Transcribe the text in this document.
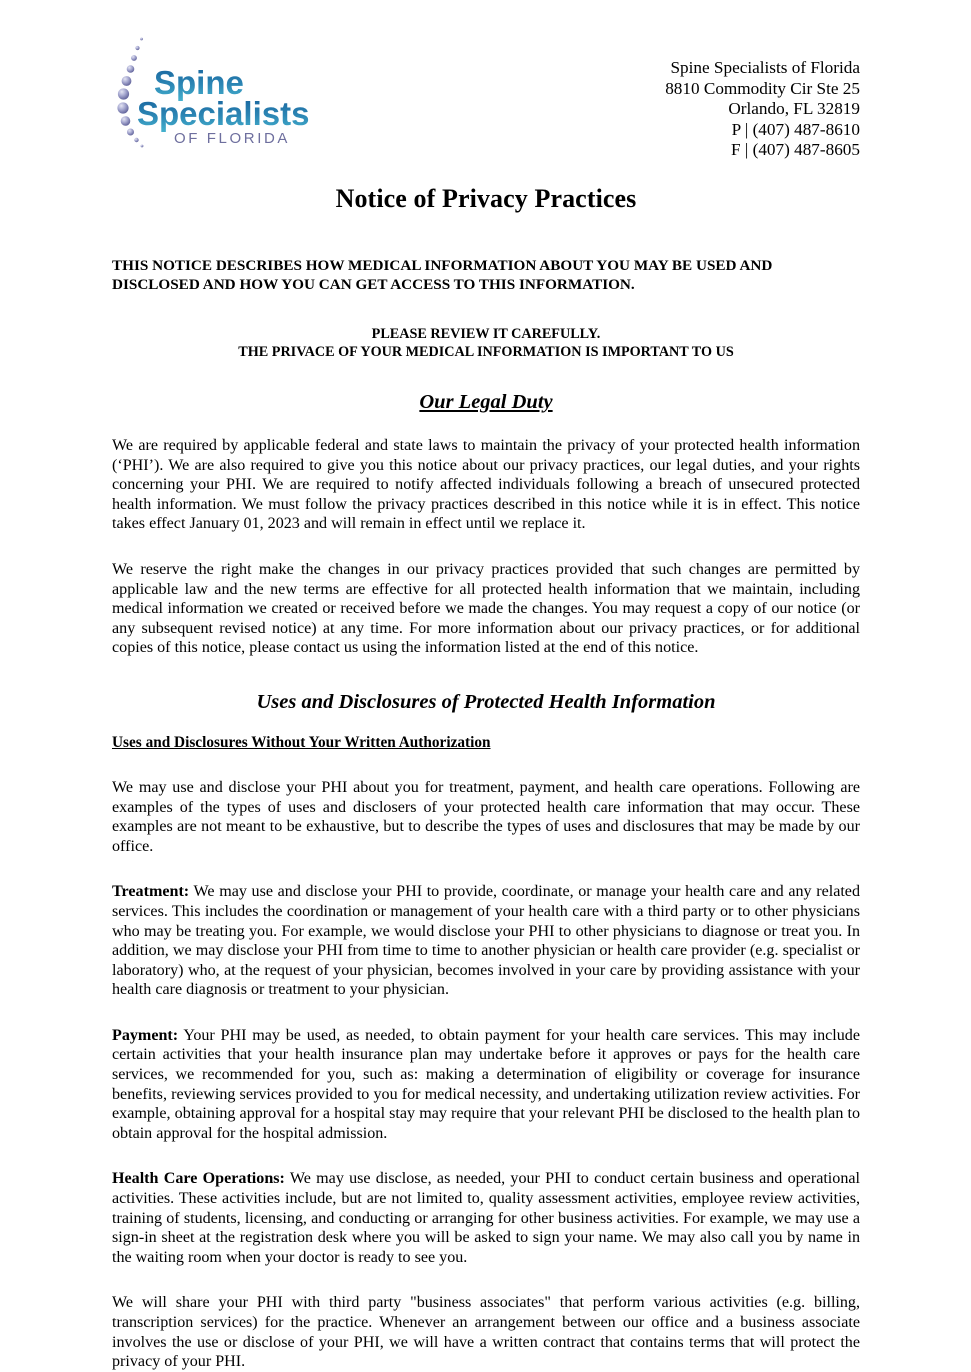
Spine
Specialists
OF FLORIDA
Spine Specialists of Florida
8810 Commodity Cir Ste 25
Orlando, FL 32819
P | (407) 487-8610
F | (407) 487-8605
Notice of Privacy Practices
THIS NOTICE DESCRIBES HOW MEDICAL INFORMATION ABOUT YOU MAY BE USED AND DISCLOSED AND HOW YOU CAN GET ACCESS TO THIS INFORMATION.
PLEASE REVIEW IT CAREFULLY.
THE PRIVACE OF YOUR MEDICAL INFORMATION IS IMPORTANT TO US
Our Legal Duty

We are required by applicable federal and state laws to maintain the privacy of your protected health information (‘PHI’). We are also required to give you this notice about our privacy practices, our legal duties, and your rights concerning your PHI. We are required to notify affected individuals following a breach of unsecured protected health information. We must follow the privacy practices described in this notice while it is in effect. This notice takes effect January 01, 2023 and will remain in effect until we replace it.

We reserve the right make the changes in our privacy practices provided that such changes are permitted by applicable law and the new terms are effective for all protected health information that we maintain, including medical information we created or received before we made the changes. You may request a copy of our notice (or any subsequent revised notice) at any time. For more information about our privacy practices, or for additional copies of this notice, please contact us using the information listed at the end of this notice.

Uses and Disclosures of Protected Health Information
Uses and Disclosures Without Your Written Authorization

We may use and disclose your PHI about you for treatment, payment, and health care operations. Following are examples of the types of uses and disclosers of your protected health care information that may occur. These examples are not meant to be exhaustive, but to describe the types of uses and disclosures that may be made by our office.

Treatment: We may use and disclose your PHI to provide, coordinate, or manage your health care and any related services. This includes the coordination or management of your health care with a third party or to other physicians who may be treating you. For example, we would disclose your PHI to other physicians to diagnose or treat you. In addition, we may disclose your PHI from time to time to another physician or health care provider (e.g. specialist or laboratory) who, at the request of your physician, becomes involved in your care by providing assistance with your health care diagnosis or treatment to your physician.

Payment: Your PHI may be used, as needed, to obtain payment for your health care services. This may include certain activities that your health insurance plan may undertake before it approves or pays for the health care services, we recommended for you, such as: making a determination of eligibility or coverage for insurance benefits, reviewing services provided to you for medical necessity, and undertaking utilization review activities. For example, obtaining approval for a hospital stay may require that your relevant PHI be disclosed to the health plan to obtain approval for the hospital admission.

Health Care Operations: We may use disclose, as needed, your PHI to conduct certain business and operational activities. These activities include, but are not limited to, quality assessment activities, employee review activities, training of students, licensing, and conducting or arranging for other business activities. For example, we may use a sign-in sheet at the registration desk where you will be asked to sign your name. We may also call you by name in the waiting room when your doctor is ready to see you.

We will share your PHI with third party "business associates" that perform various activities (e.g. billing, transcription services) for the practice. Whenever an arrangement between our office and a business associate involves the use or disclose of your PHI, we will have a written contract that contains terms that will protect the privacy of your PHI.
